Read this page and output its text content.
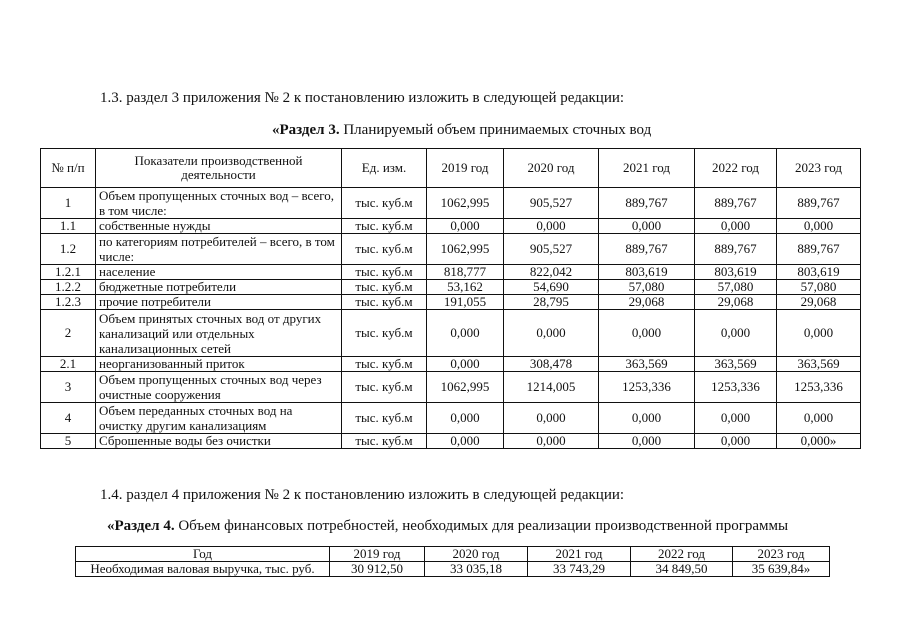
1.3. раздел 3 приложения № 2 к постановлению изложить в следующей редакции:
«Раздел 3. Планируемый объем принимаемых сточных вод
№ п/п	Показатели производственной деятельности	Ед. изм.	2019 год	2020 год	2021 год	2022 год	2023 год
1	Объем пропущенных сточных вод – всего, в том числе:	тыс. куб.м	1062,995	905,527	889,767	889,767	889,767
1.1	собственные нужды	тыс. куб.м	0,000	0,000	0,000	0,000	0,000
1.2	по категориям потребителей – всего, в том числе:	тыс. куб.м	1062,995	905,527	889,767	889,767	889,767
1.2.1	население	тыс. куб.м	818,777	822,042	803,619	803,619	803,619
1.2.2	бюджетные потребители	тыс. куб.м	53,162	54,690	57,080	57,080	57,080
1.2.3	прочие потребители	тыс. куб.м	191,055	28,795	29,068	29,068	29,068
2	Объем принятых сточных вод от других канализаций или отдельных канализационных сетей	тыс. куб.м	0,000	0,000	0,000	0,000	0,000
2.1	неорганизованный приток	тыс. куб.м	0,000	308,478	363,569	363,569	363,569
3	Объем пропущенных сточных вод через очистные сооружения	тыс. куб.м	1062,995	1214,005	1253,336	1253,336	1253,336
4	Объем переданных сточных вод на очистку другим канализациям	тыс. куб.м	0,000	0,000	0,000	0,000	0,000
5	Сброшенные воды без очистки	тыс. куб.м	0,000	0,000	0,000	0,000	0,000»
1.4. раздел 4 приложения № 2 к постановлению изложить в следующей редакции:
«Раздел 4. Объем финансовых потребностей, необходимых для реализации производственной программы
Год	2019 год	2020 год	2021 год	2022 год	2023 год
Необходимая валовая выручка, тыс. руб.	30 912,50	33 035,18	33 743,29	34 849,50	35 639,84»
